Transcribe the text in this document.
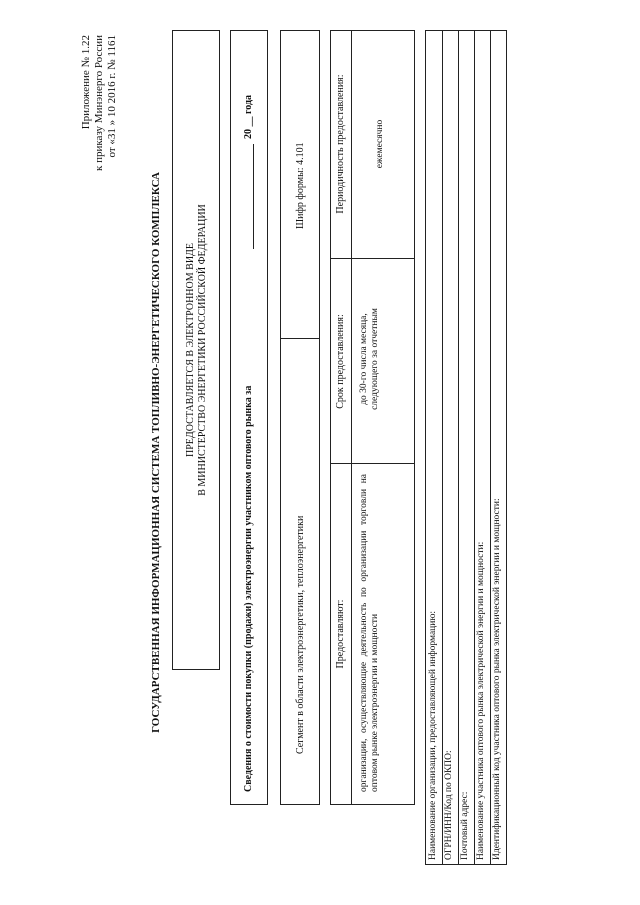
Приложение № 1.22 к приказу Минэнерго России от «31 » 10 2016 г. № 1161
ГОСУДАРСТВЕННАЯ ИНФОРМАЦИОННАЯ СИСТЕМА ТОПЛИВНО-ЭНЕРГЕТИЧЕСКОГО КОМПЛЕКСА ПРЕДОСТАВЛЯЕТСЯ В ЭЛЕКТРОННОМ ВИДЕ В МИНИСТЕРСТВО ЭНЕРГЕТИКИ РОССИЙСКОЙ ФЕДЕРАЦИИ
Сведения о стоимости покупки (продажи) электроэнергии участником оптового рынка за
20 __ года
Сегмент в области электроэнергетики, теплоэнергетики
Шифр формы: 4.101
Предоставляют:
Срок предоставления:
Периодичность предоставления:
организации, осуществляющие деятельность по организации торговли на оптовом рынке электроэнергии и мощности
до 30-го числа месяца, следующего за отчетным
ежемесячно
Наименование организации, предоставляющей информацию: ОГРН/ИНН/Код по ОКПО: Почтовый адрес: Наименование участника оптового рынка электрической энергии и мощности: Идентификационный код участника оптового рынка электрической энергии и мощности:
